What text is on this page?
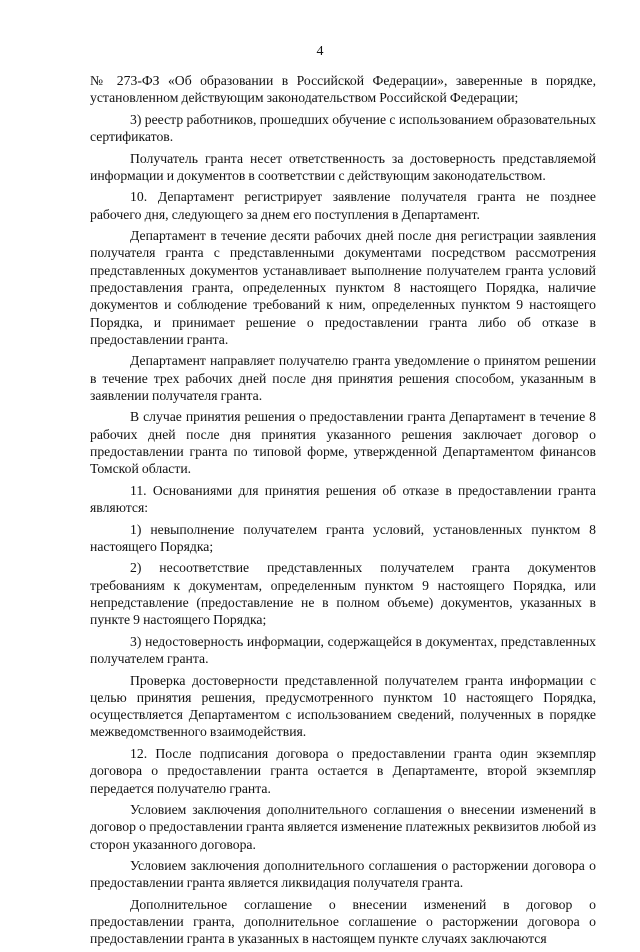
4

№ 273-ФЗ «Об образовании в Российской Федерации», заверенные в порядке, установленном действующим законодательством Российской Федерации;

3) реестр работников, прошедших обучение с использованием образовательных сертификатов.

Получатель гранта несет ответственность за достоверность представляемой информации и документов в соответствии с действующим законодательством.

10. Департамент регистрирует заявление получателя гранта не позднее рабочего дня, следующего за днем его поступления в Департамент.

Департамент в течение десяти рабочих дней после дня регистрации заявления получателя гранта с представленными документами посредством рассмотрения представленных документов устанавливает выполнение получателем гранта условий предоставления гранта, определенных пунктом 8 настоящего Порядка, наличие документов и соблюдение требований к ним, определенных пунктом 9 настоящего Порядка, и принимает решение о предоставлении гранта либо об отказе в предоставлении гранта.

Департамент направляет получателю гранта уведомление о принятом решении в течение трех рабочих дней после дня принятия решения способом, указанным в заявлении получателя гранта.

В случае принятия решения о предоставлении гранта Департамент в течение 8 рабочих дней после дня принятия указанного решения заключает договор о предоставлении гранта по типовой форме, утвержденной Департаментом финансов Томской области.

11. Основаниями для принятия решения об отказе в предоставлении гранта являются:

1) невыполнение получателем гранта условий, установленных пунктом 8 настоящего Порядка;

2) несоответствие представленных получателем гранта документов требованиям к документам, определенным пунктом 9 настоящего Порядка, или непредставление (предоставление не в полном объеме) документов, указанных в пункте 9 настоящего Порядка;

3) недостоверность информации, содержащейся в документах, представленных получателем гранта.

Проверка достоверности представленной получателем гранта информации с целью принятия решения, предусмотренного пунктом 10 настоящего Порядка, осуществляется Департаментом с использованием сведений, полученных в порядке межведомственного взаимодействия.

12. После подписания договора о предоставлении гранта один экземпляр договора о предоставлении гранта остается в Департаменте, второй экземпляр передается получателю гранта.

Условием заключения дополнительного соглашения о внесении изменений в договор о предоставлении гранта является изменение платежных реквизитов любой из сторон указанного договора.

Условием заключения дополнительного соглашения о расторжении договора о предоставлении гранта является ликвидация получателя гранта.

Дополнительное соглашение о внесении изменений в договор о предоставлении гранта, дополнительное соглашение о расторжении договора о предоставлении гранта в указанных в настоящем пункте случаях заключаются
